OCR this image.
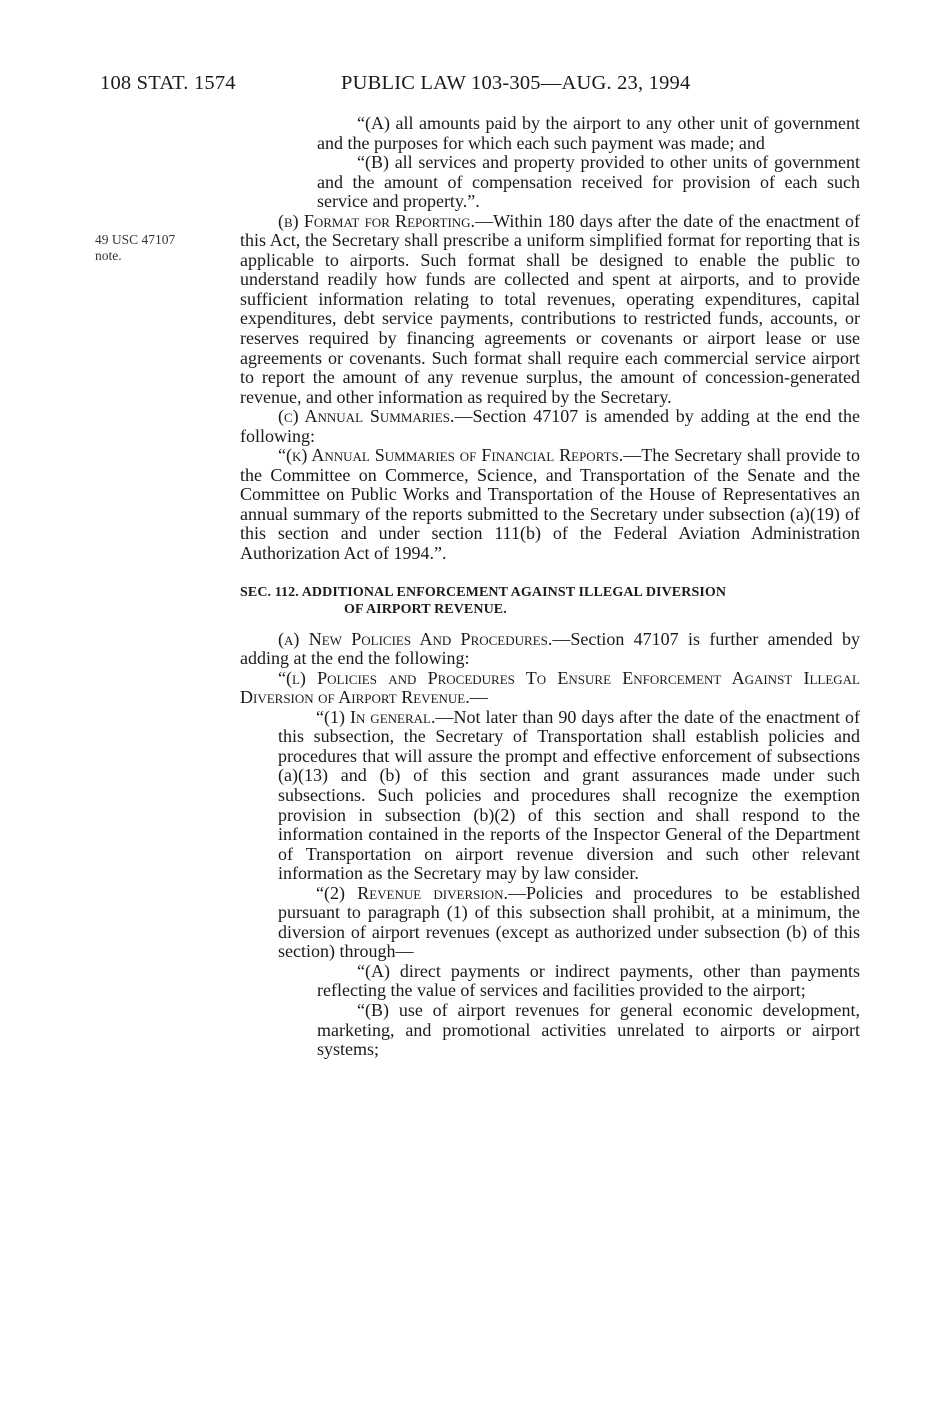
108 STAT. 1574	PUBLIC LAW 103-305—AUG. 23, 1994
49 USC 47107
note.

“(A) all amounts paid by the airport to any other unit of government and the purposes for which each such payment was made; and

“(B) all services and property provided to other units of government and the amount of compensation received for provision of each such service and property.”.

(b) Format for Reporting.—Within 180 days after the date of the enactment of this Act, the Secretary shall prescribe a uniform simplified format for reporting that is applicable to airports. Such format shall be designed to enable the public to understand readily how funds are collected and spent at airports, and to provide sufficient information relating to total revenues, operating expenditures, capital expenditures, debt service payments, contributions to restricted funds, accounts, or reserves required by financing agreements or covenants or airport lease or use agreements or covenants. Such format shall require each commercial service airport to report the amount of any revenue surplus, the amount of concession-generated revenue, and other information as required by the Secretary.

(c) Annual Summaries.—Section 47107 is amended by adding at the end the following:

“(k) Annual Summaries of Financial Reports.—The Secretary shall provide to the Committee on Commerce, Science, and Transportation of the Senate and the Committee on Public Works and Transportation of the House of Representatives an annual summary of the reports submitted to the Secretary under subsection (a)(19) of this section and under section 111(b) of the Federal Aviation Administration Authorization Act of 1994.”.

SEC. 112. ADDITIONAL ENFORCEMENT AGAINST ILLEGAL DIVERSION
OF AIRPORT REVENUE.

(a) New Policies And Procedures.—Section 47107 is further amended by adding at the end the following:

“(l) Policies and Procedures To Ensure Enforcement Against Illegal Diversion of Airport Revenue.—

“(1) In general.—Not later than 90 days after the date of the enactment of this subsection, the Secretary of Transportation shall establish policies and procedures that will assure the prompt and effective enforcement of subsections (a)(13) and (b) of this section and grant assurances made under such subsections. Such policies and procedures shall recognize the exemption provision in subsection (b)(2) of this section and shall respond to the information contained in the reports of the Inspector General of the Department of Transportation on airport revenue diversion and such other relevant information as the Secretary may by law consider.

“(2) Revenue diversion.—Policies and procedures to be established pursuant to paragraph (1) of this subsection shall prohibit, at a minimum, the diversion of airport revenues (except as authorized under subsection (b) of this section) through—

“(A) direct payments or indirect payments, other than payments reflecting the value of services and facilities provided to the airport;

“(B) use of airport revenues for general economic development, marketing, and promotional activities unrelated to airports or airport systems;
